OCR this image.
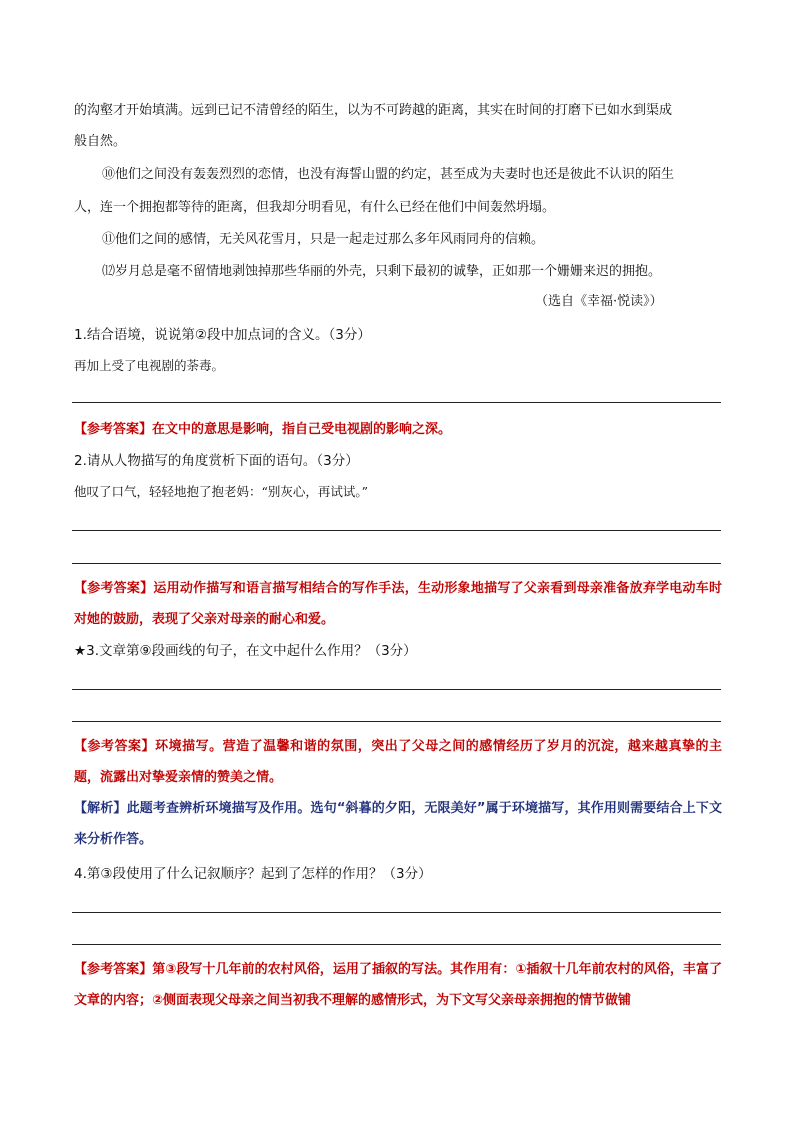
的沟壑才开始填满。远到已记不清曾经的陌生，以为不可跨越的距离，其实在时间的打磨下已如水到渠成
般自然。
⑩他们之间没有轰轰烈烈的恋情，也没有海誓山盟的约定，甚至成为夫妻时也还是彼此不认识的陌生
人，连一个拥抱都等待的距离，但我却分明看见，有什么已经在他们中间轰然坍塌。
⑪他们之间的感情，无关风花雪月，只是一起走过那么多年风雨同舟的信赖。
⑿岁月总是毫不留情地剥蚀掉那些华丽的外壳，只剩下最初的诚挚，正如那一个姗姗来迟的拥抱。
（选自《幸福·悦读》）
1.结合语境，说说第②段中加点词的含义。（3分）
再加上受了电视剧的荼毒。
【参考答案】在文中的意思是影响，指自己受电视剧的影响之深。
2.请从人物描写的角度赏析下面的语句。（3分）
他叹了口气，轻轻地抱了抱老妈：“别灰心，再试试。”
【参考答案】运用动作描写和语言描写相结合的写作手法，生动形象地描写了父亲看到母亲准备放弃学电动车时对她的鼓励，表现了父亲对母亲的耐心和爱。
★3.文章第⑨段画线的句子，在文中起什么作用？（3分）
【参考答案】环境描写。营造了温馨和谐的氛围，突出了父母之间的感情经历了岁月的沉淀，越来越真挚的主题，流露出对挚爱亲情的赞美之情。
【解析】此题考查辨析环境描写及作用。选句“斜暮的夕阳，无限美好”属于环境描写，其作用则需要结合上下文来分析作答。
4.第③段使用了什么记叙顺序？起到了怎样的作用？（3分）
【参考答案】第③段写十几年前的农村风俗，运用了插叙的写法。其作用有：①插叙十几年前农村的风俗，丰富了文章的内容；②侧面表现父母亲之间当初我不理解的感情形式，为下文写父亲母亲拥抱的情节做铺
